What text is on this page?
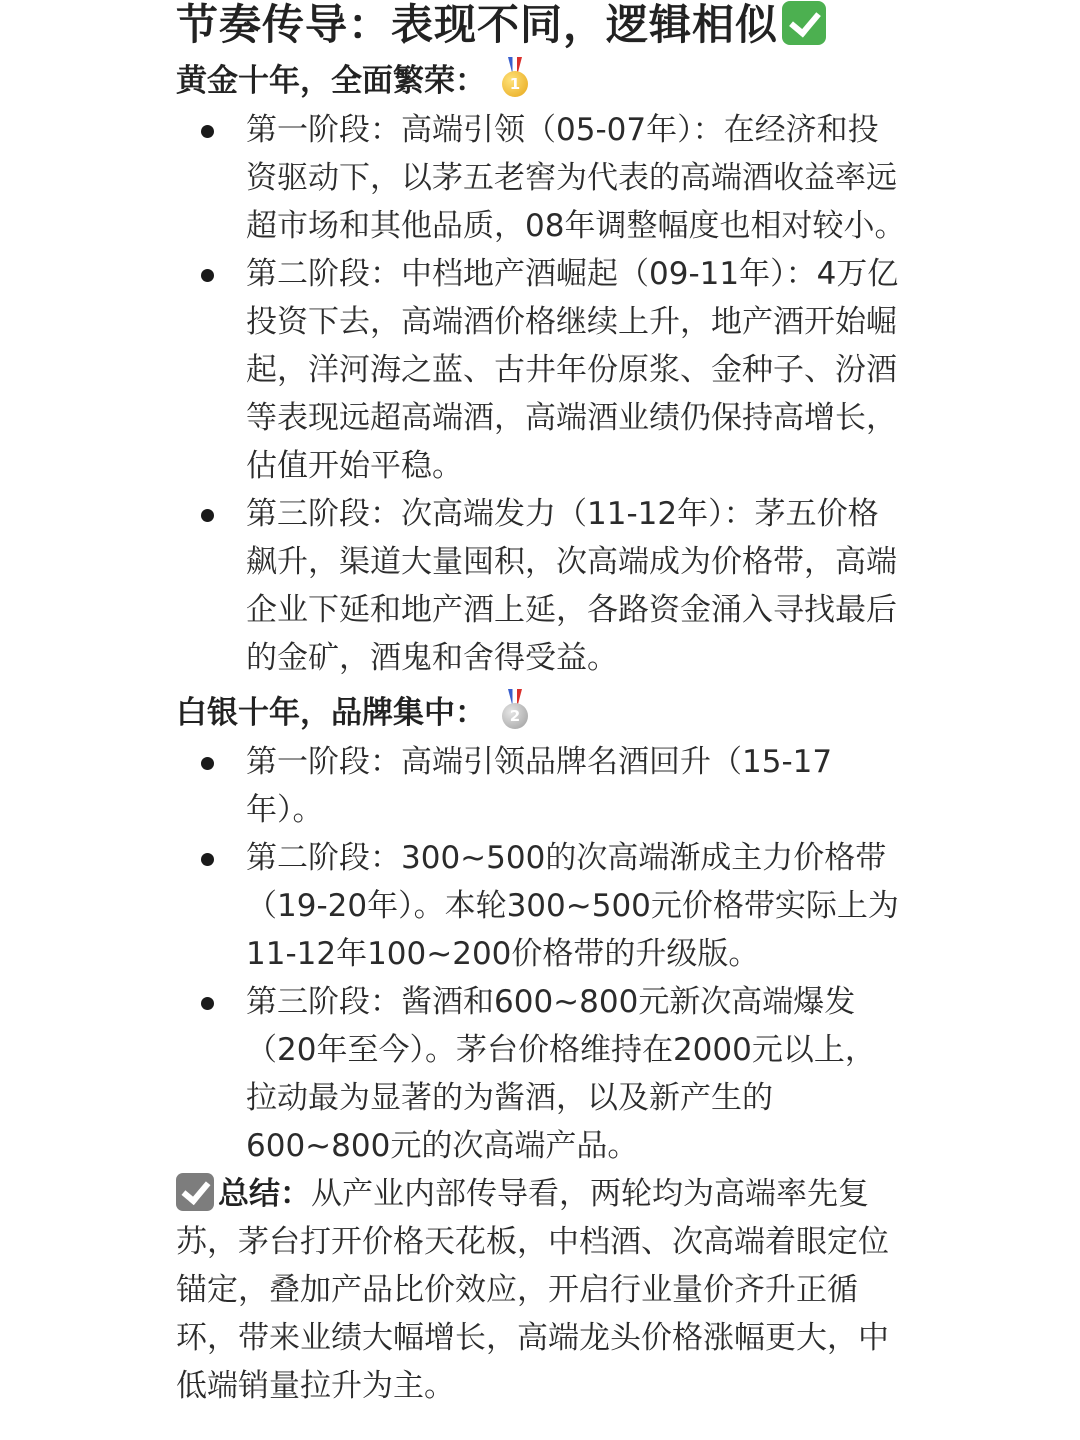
节奏传导：表现不同，逻辑相似
黄金十年，全面繁荣：	1
第一阶段：高端引领（05-07年）：在经济和投资驱动下，以茅五老窖为代表的高端酒收益率远超市场和其他品质，08年调整幅度也相对较小。
第二阶段：中档地产酒崛起（09-11年）：4万亿投资下去，高端酒价格继续上升，地产酒开始崛起，洋河海之蓝、古井年份原浆、金种子、汾酒等表现远超高端酒，高端酒业绩仍保持高增长，估值开始平稳。
第三阶段：次高端发力（11-12年）：茅五价格飙升，渠道大量囤积，次高端成为价格带，高端企业下延和地产酒上延，各路资金涌入寻找最后的金矿，酒鬼和舍得受益。
白银十年，品牌集中：	2
第一阶段：高端引领品牌名酒回升（15-17年）。
第二阶段：300~500的次高端渐成主力价格带（19-20年）。本轮300~500元价格带实际上为11-12年100~200价格带的升级版。
第三阶段：酱酒和600~800元新次高端爆发（20年至今）。茅台价格维持在2000元以上，拉动最为显著的为酱酒，以及新产生的600~800元的次高端产品。
总结：从产业内部传导看，两轮均为高端率先复苏，茅台打开价格天花板，中档酒、次高端着眼定位锚定，叠加产品比价效应，开启行业量价齐升正循环，带来业绩大幅增长，高端龙头价格涨幅更大，中低端销量拉升为主。
